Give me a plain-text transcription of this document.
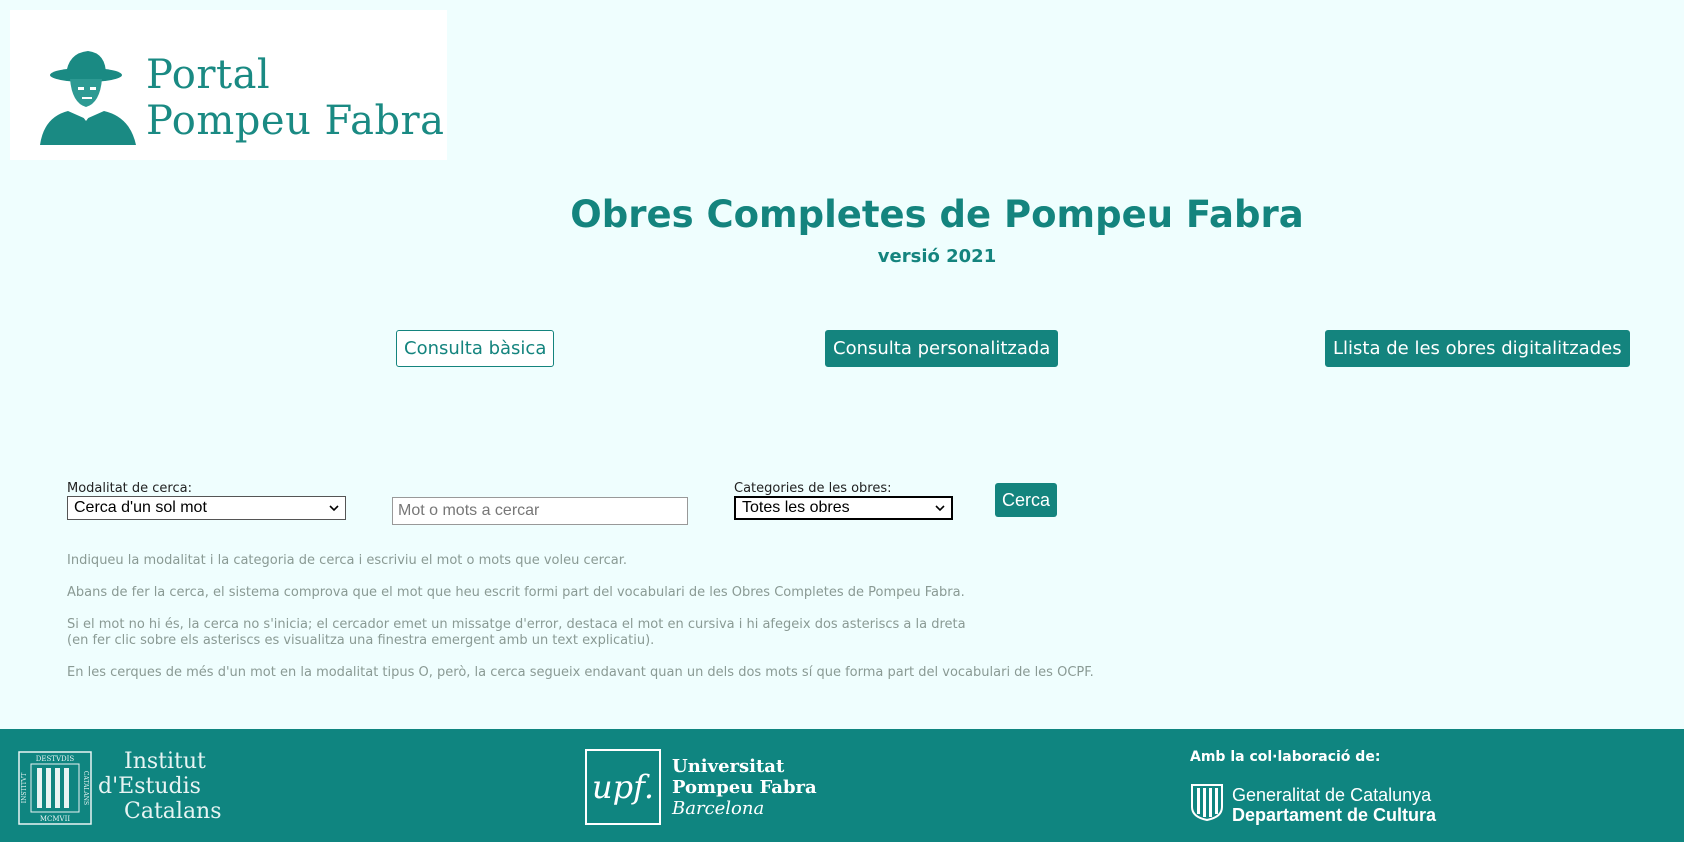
Portal
Pompeu Fabra
Obres Completes de Pompeu Fabra
versió 2021
Consulta bàsica	Consulta personalitzada	Llista de les obres digitalitzades
Modalitat de cerca:
Cerca d'un sol mot	Mot o mots a cercar
Categories de les obres:
Totes les obres	Cerca

Indiqueu la modalitat i la categoria de cerca i escriviu el mot o mots que voleu cercar.

Abans de fer la cerca, el sistema comprova que el mot que heu escrit formi part del vocabulari de les Obres Completes de Pompeu Fabra.

Si el mot no hi és, la cerca no s'inicia; el cercador emet un missatge d'error, destaca el mot en cursiva i hi afegeix dos asteriscs a la dreta

(en fer clic sobre els asteriscs es visualitza una finestra emergent amb un text explicatiu).

En les cerques de més d'un mot en la modalitat tipus O, però, la cerca segueix endavant quan un dels dos mots sí que forma part del vocabulari de les OCPF.

DESTVDIS
MCMVII
INSTITVT	CATALANS
Institut
d'Estudis
Catalans
upf.
Universitat
Pompeu Fabra
Barcelona
Amb la col·laboració de:
Generalitat de Catalunya
Departament de Cultura
